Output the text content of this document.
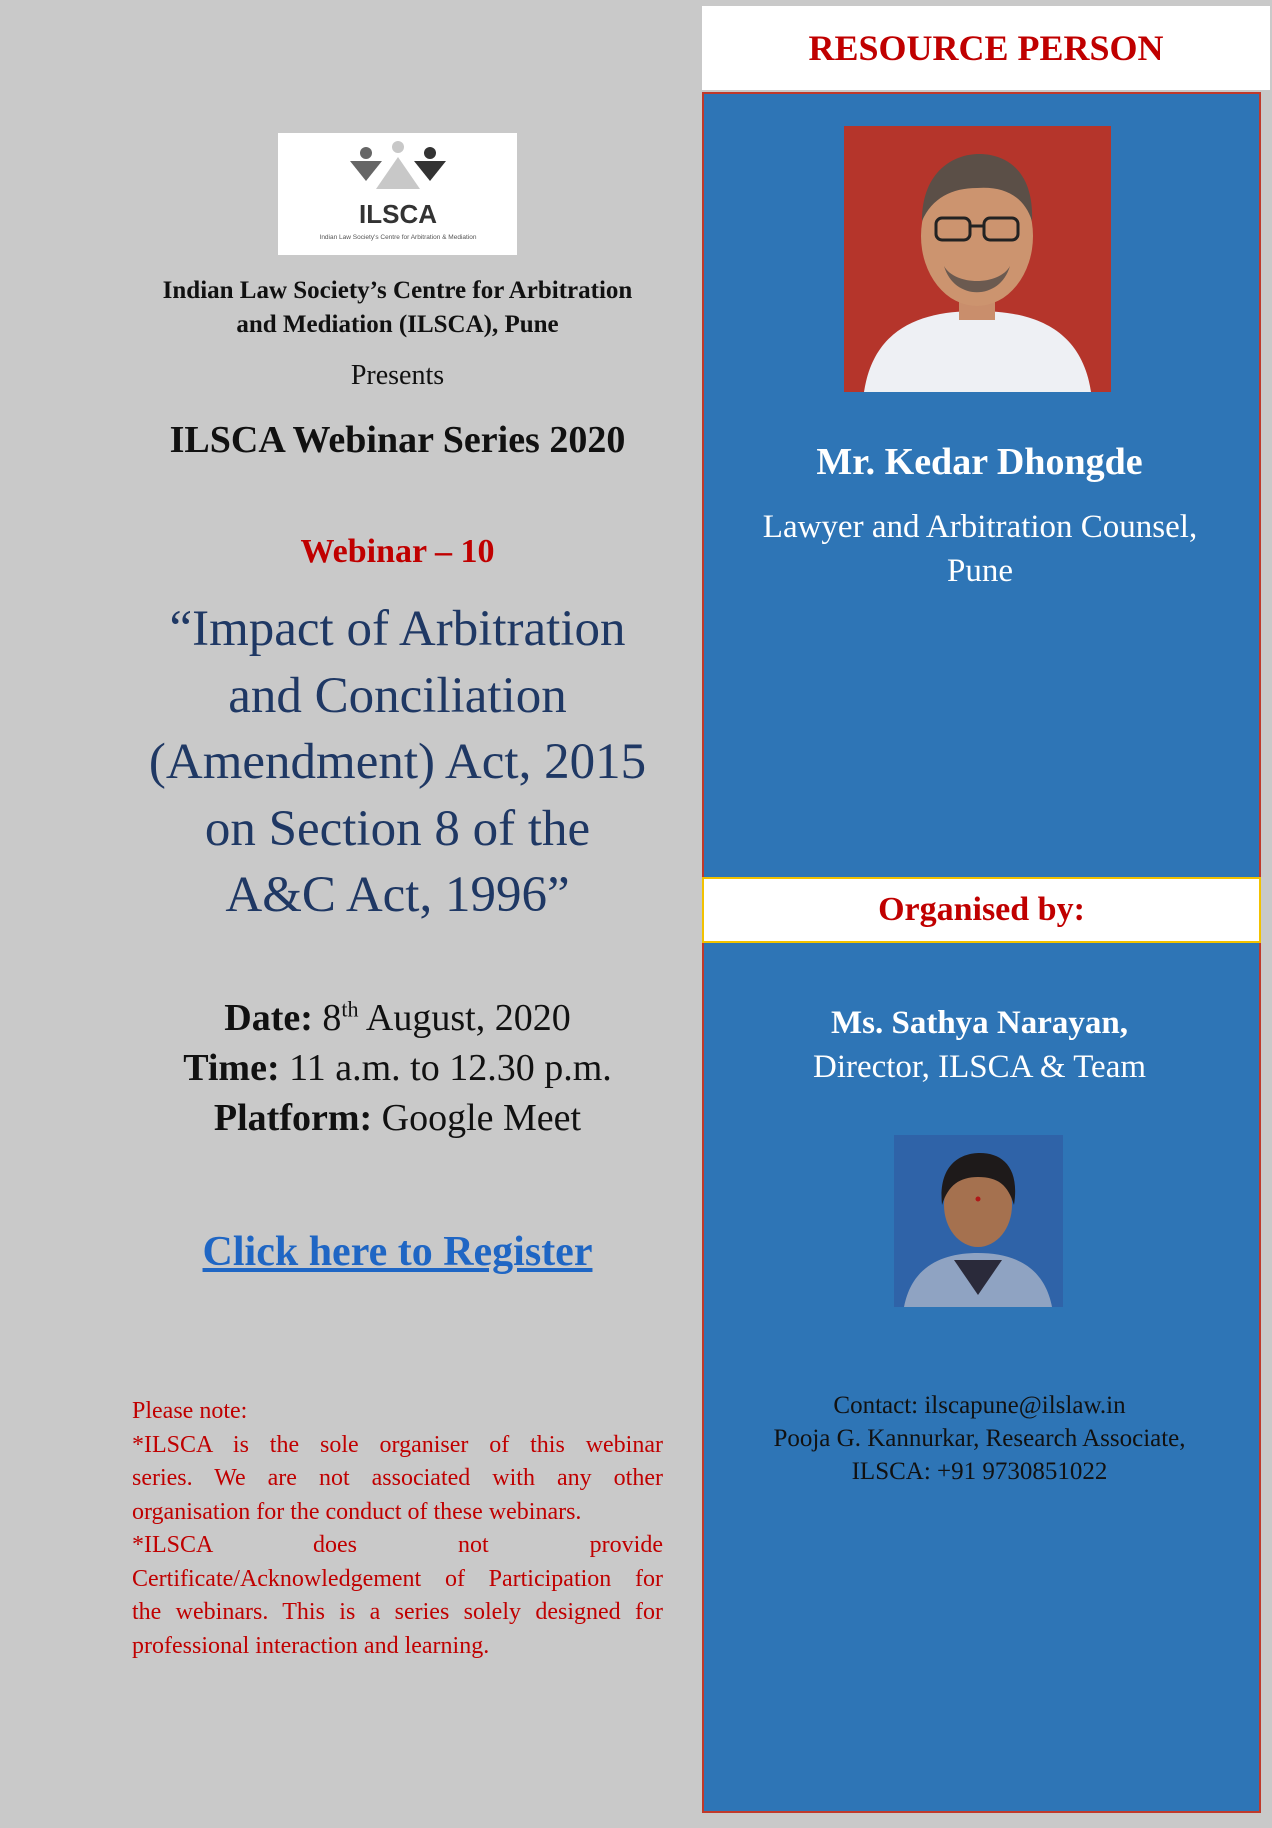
ILSCA
Indian Law Society's Centre for Arbitration & Mediation
Indian Law Society’s Centre for Arbitration
and Mediation (ILSCA), Pune
Presents
ILSCA Webinar Series 2020
Webinar – 10
“Impact of Arbitration
and Conciliation
(Amendment) Act, 2015
on Section 8 of the
A&C Act, 1996”
Date: 8th August, 2020
Time: 11 a.m. to 12.30 p.m.
Platform: Google Meet
Click here to Register
Please note:
*ILSCA is the sole organiser of this webinar
series. We are not associated with any other
organisation for the conduct of these webinars.
*ILSCA does not provide
Certificate/Acknowledgement of Participation for
the webinars. This is a series solely designed for
professional interaction and learning.
RESOURCE PERSON
Mr. Kedar Dhongde
Lawyer and Arbitration Counsel,
Pune
Organised by:
Ms. Sathya Narayan,
Director, ILSCA & Team
Contact: ilscapune@ilslaw.in
Pooja G. Kannurkar, Research Associate,
ILSCA: +91 9730851022
